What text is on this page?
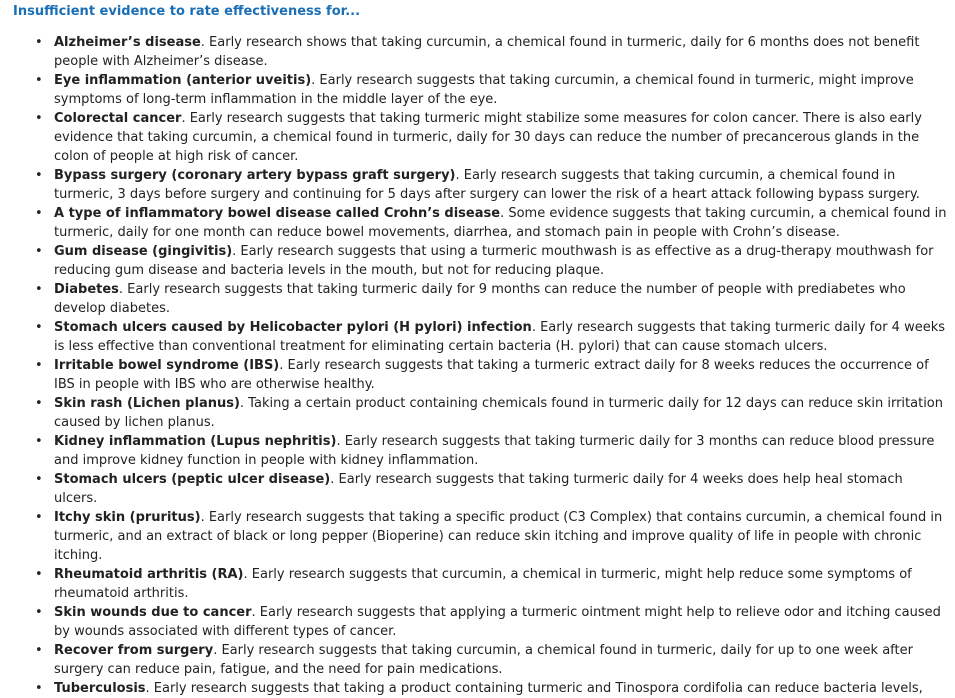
Insufficient evidence to rate effectiveness for...
• Alzheimer’s disease. Early research shows that taking curcumin, a chemical found in turmeric, daily for 6 months does not benefit people with Alzheimer’s disease.
• Eye inflammation (anterior uveitis). Early research suggests that taking curcumin, a chemical found in turmeric, might improve symptoms of long-term inflammation in the middle layer of the eye.
• Colorectal cancer. Early research suggests that taking turmeric might stabilize some measures for colon cancer. There is also early evidence that taking curcumin, a chemical found in turmeric, daily for 30 days can reduce the number of precancerous glands in the colon of people at high risk of cancer.
• Bypass surgery (coronary artery bypass graft surgery). Early research suggests that taking curcumin, a chemical found in turmeric, 3 days before surgery and continuing for 5 days after surgery can lower the risk of a heart attack following bypass surgery.
• A type of inflammatory bowel disease called Crohn’s disease. Some evidence suggests that taking curcumin, a chemical found in turmeric, daily for one month can reduce bowel movements, diarrhea, and stomach pain in people with Crohn’s disease.
• Gum disease (gingivitis). Early research suggests that using a turmeric mouthwash is as effective as a drug-therapy mouthwash for reducing gum disease and bacteria levels in the mouth, but not for reducing plaque.
• Diabetes. Early research suggests that taking turmeric daily for 9 months can reduce the number of people with prediabetes who develop diabetes.
• Stomach ulcers caused by Helicobacter pylori (H pylori) infection. Early research suggests that taking turmeric daily for 4 weeks is less effective than conventional treatment for eliminating certain bacteria (H. pylori) that can cause stomach ulcers.
• Irritable bowel syndrome (IBS). Early research suggests that taking a turmeric extract daily for 8 weeks reduces the occurrence of IBS in people with IBS who are otherwise healthy.
• Skin rash (Lichen planus). Taking a certain product containing chemicals found in turmeric daily for 12 days can reduce skin irritation caused by lichen planus.
• Kidney inflammation (Lupus nephritis). Early research suggests that taking turmeric daily for 3 months can reduce blood pressure and improve kidney function in people with kidney inflammation.
• Stomach ulcers (peptic ulcer disease). Early research suggests that taking turmeric daily for 4 weeks does help heal stomach ulcers.
• Itchy skin (pruritus). Early research suggests that taking a specific product (C3 Complex) that contains curcumin, a chemical found in turmeric, and an extract of black or long pepper (Bioperine) can reduce skin itching and improve quality of life in people with chronic itching.
• Rheumatoid arthritis (RA). Early research suggests that curcumin, a chemical in turmeric, might help reduce some symptoms of rheumatoid arthritis.
• Skin wounds due to cancer. Early research suggests that applying a turmeric ointment might help to relieve odor and itching caused by wounds associated with different types of cancer.
• Recover from surgery. Early research suggests that taking curcumin, a chemical found in turmeric, daily for up to one week after surgery can reduce pain, fatigue, and the need for pain medications.
• Tuberculosis. Early research suggests that taking a product containing turmeric and Tinospora cordifolia can reduce bacteria levels,
